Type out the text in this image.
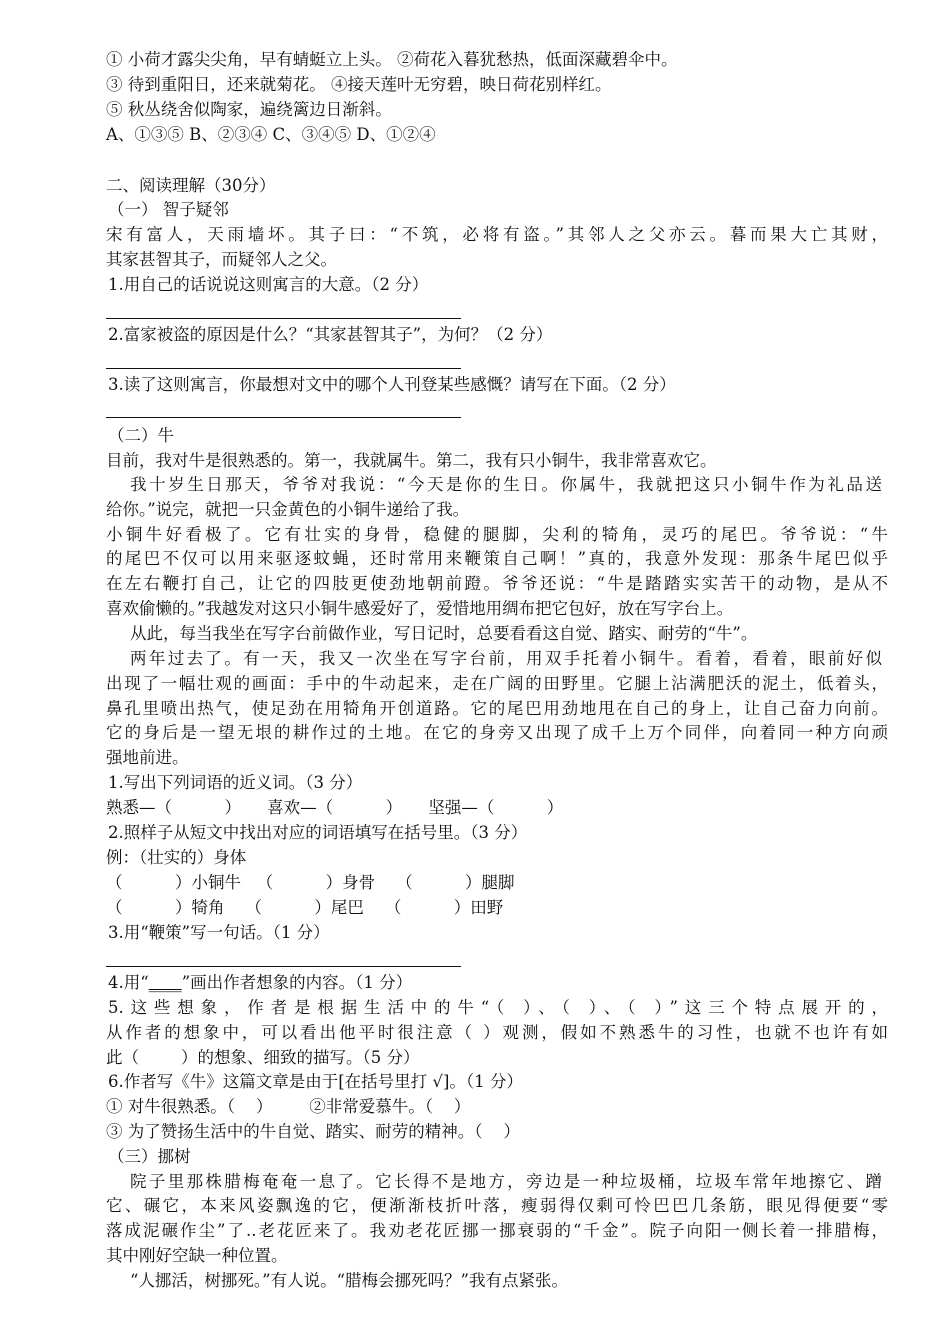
① 小荷才露尖尖角，早有蜻蜓立上头。 ②荷花入暮犹愁热，低面深藏碧伞中。
③ 待到重阳日，还来就菊花。 ④接天莲叶无穷碧，映日荷花别样红。
⑤ 秋丛绕舍似陶家，遍绕篱边日渐斜。
A、①③⑤ B、②③④ C、③④⑤ D、①②④
二、阅读理解（30分）
（一） 智子疑邻
宋有富人，天雨墙坏。其子曰：“不筑，必将有盗。”其邻人之父亦云。暮而果大亡其财，
其家甚智其子，而疑邻人之父。
1.用自己的话说说这则寓言的大意。（2 分）
2.富家被盗的原因是什么？“其家甚智其子”，为何？（2 分）
3.读了这则寓言，你最想对文中的哪个人刊登某些感慨？请写在下面。（2 分）
（二）牛
目前，我对牛是很熟悉的。第一，我就属牛。第二，我有只小铜牛，我非常喜欢它。
我十岁生日那天，爷爷对我说：“今天是你的生日。你属牛，我就把这只小铜牛作为礼品送
给你。”说完，就把一只金黄色的小铜牛递给了我。
小铜牛好看极了。它有壮实的身骨，稳健的腿脚，尖利的犄角，灵巧的尾巴。爷爷说：“牛
的尾巴不仅可以用来驱逐蚊蝇，还时常用来鞭策自己啊！”真的，我意外发现：那条牛尾巴似乎
在左右鞭打自己，让它的四肢更使劲地朝前蹬。爷爷还说：“牛是踏踏实实苦干的动物，是从不
喜欢偷懒的。”我越发对这只小铜牛感爱好了，爱惜地用绸布把它包好，放在写字台上。
从此，每当我坐在写字台前做作业，写日记时，总要看看这自觉、踏实、耐劳的“牛”。
两年过去了。有一天，我又一次坐在写字台前，用双手托着小铜牛。看着，看着，眼前好似
出现了一幅壮观的画面：手中的牛动起来，走在广阔的田野里。它腿上沾满肥沃的泥土，低着头，
鼻孔里喷出热气，使足劲在用犄角开创道路。它的尾巴用劲地甩在自己的身上，让自己奋力向前。
它的身后是一望无垠的耕作过的土地。在它的身旁又出现了成千上万个同伴，向着同一种方向顽
强地前进。
1.写出下列词语的近义词。（3 分）
熟悉—（          ）     喜欢—（          ）     坚强—（          ）
2.照样子从短文中找出对应的词语填写在括号里。（3 分）
例：（壮实的）身体
（          ）小铜牛   （          ）身骨    （          ）腿脚
（          ）犄角    （          ）尾巴    （          ）田野
3.用“鞭策”写一句话。（1 分）
4.用“____”画出作者想象的内容。（1 分）
5.这些想象，作者是根据生活中的牛“（ ）、（ ）、（ ）”这三个特点展开的，
从作者的想象中，可以看出他平时很注意（ ）观测，假如不熟悉牛的习性，也就不也许有如
此（        ）的想象、细致的描写。（5 分）
6.作者写《牛》这篇文章是由于[在括号里打 √]。（1 分）
① 对牛很熟悉。（    ）       ②非常爱慕牛。（    ）
③ 为了赞扬生活中的牛自觉、踏实、耐劳的精神。（    ）
（三）挪树
院子里那株腊梅奄奄一息了。它长得不是地方，旁边是一种垃圾桶，垃圾车常年地擦它、蹭
它、碾它，本来风姿飘逸的它，便渐渐枝折叶落，瘦弱得仅剩可怜巴巴几条筋，眼见得便要“零
落成泥碾作尘”了..老花匠来了。我劝老花匠挪一挪衰弱的“千金”。院子向阳一侧长着一排腊梅，
其中刚好空缺一种位置。
“人挪活，树挪死。”有人说。“腊梅会挪死吗？”我有点紧张。
